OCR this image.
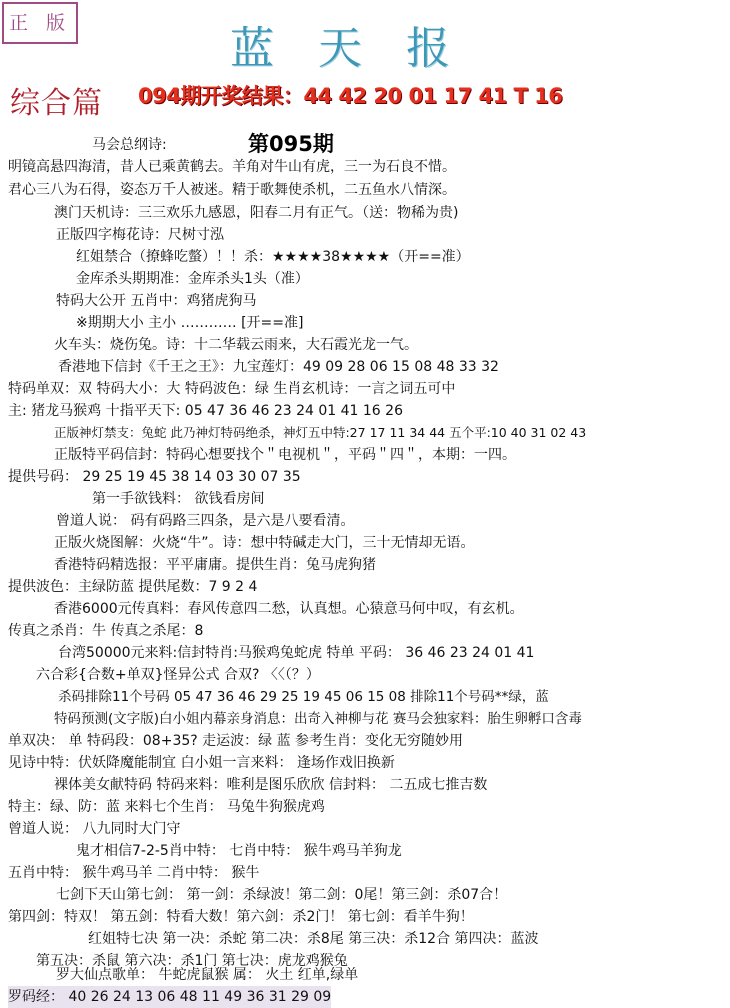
正 版	蓝天报
综合篇 094期开奖结果：44 42 20 01 17 41 T 16
第095期
马会总纲诗:
明镜高悬四海清，昔人已乘黄鹤去。羊角对牛山有虎，三一为石良不惜。
君心三八为石得，姿态万千人被迷。精于歌舞使杀机，二五鱼水八情深。
澳门天机诗：三三欢乐九感恩，阳春二月有正气。（送：物稀为贵)
正版四字梅花诗：尺树寸泓
红姐禁合（撩蜂吃螫）！！杀：★★★★38★★★★（开==准）
金库杀头期期准：金库杀头1头（准）
特码大公开 五肖中：鸡猪虎狗马
※期期大小 主小 ………… [开==准]
火车头：烧伤兔。诗：十二华载云雨来，大石霞光龙一气。
香港地下信封《千王之王》：九宝莲灯：49 09 28 06 15 08 48 33 32
特码单双：双 特码大小：大 特码波色：绿 生肖玄机诗：一言之词五可中
主: 猪龙马猴鸡 十指平天下: 05 47 36 46 23 24 01 41 16 26
正版神灯禁支：兔蛇 此乃神灯特码绝杀，神灯五中特:27 17 11 34 44 五个平:10 40 31 02 43
正版特平码信封：特码心想要找个＂电视机＂，平码＂四＂，本期：一四。
提供号码： 29 25 19 45 38 14 03 30 07 35
第一手欲钱料： 欲钱看房间
曾道人说： 码有码路三四条，是六是八要看清。
正版火烧图解：火烧“牛”。诗：想中特碱走大门，三十无情却无语。
香港特码精选报：平平庸庸。提供生肖：兔马虎狗猪
提供波色：主绿防蓝 提供尾数：7 9 2 4
香港6000元传真料：春风传意四二愁，认真想。心猿意马何中叹，有玄机。
传真之杀肖：牛 传真之杀尾：8
台湾50000元来料:信封特肖:马猴鸡兔蛇虎 特单 平码： 36 46 23 24 01 41
六合彩{合数+单双}怪异公式 合双? 〈〈（？）
杀码排除11个号码 05 47 36 46 29 25 19 45 06 15 08 排除11个号码**绿，蓝
特码预测(文字版)白小姐内幕亲身消息：出奇入神柳与花 赛马会独家料：胎生卵孵口含毒
单双决： 单 特码段：08+35? 走运波：绿 蓝 参考生肖：变化无穷随妙用
见诗中特：伏妖降魔能制宜 白小姐一言来料： 逢场作戏旧换新
裸体美女献特码 特码来料：唯利是图乐欣欣 信封料： 二五成七推吉数
特主：绿、防：蓝 来料七个生肖： 马兔牛狗猴虎鸡
曾道人说： 八九同时大门守
鬼才相信7-2-5肖中特： 七肖中特： 猴牛鸡马羊狗龙
五肖中特： 猴牛鸡马羊 二肖中特： 猴牛
七剑下天山第七剑： 第一剑：杀绿波！第二剑：0尾！第三剑：杀07合！
第四剑：特双！ 第五剑：特看大数！第六剑：杀2门！ 第七剑：看羊牛狗！
红姐特七决 第一决：杀蛇 第二决：杀8尾 第三决：杀12合 第四决：蓝波
第五决：杀鼠 第六决：杀1门 第七决：虎龙鸡猴兔
罗大仙点歌单： 牛蛇虎鼠猴 属： 火土 红单,绿单
罗码经： 40 26 24 13 06 48 11 49 36 31 29 09
